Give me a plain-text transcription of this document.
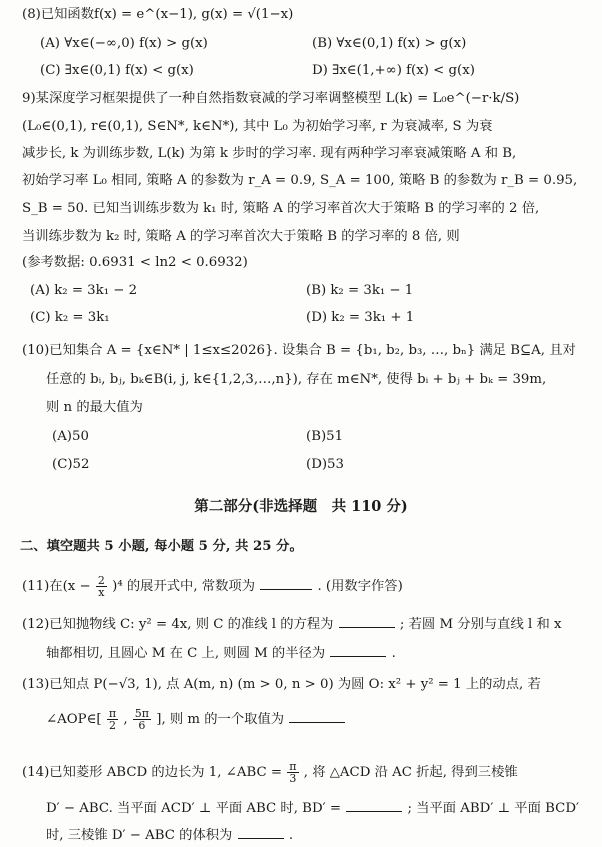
(8)已知函数f(x) = e^(x−1), g(x) = √(1−x)
(A) ∀x∈(−∞,0) f(x) > g(x)	(B) ∀x∈(0,1) f(x) > g(x)
(C) ∃x∈(0,1) f(x) < g(x)	D) ∃x∈(1,+∞) f(x) < g(x)
9)某深度学习框架提供了一种自然指数衰减的学习率调整模型 L(k) = L₀e^(−r·k/S)
(L₀∈(0,1), r∈(0,1), S∈N*, k∈N*), 其中 L₀ 为初始学习率, r 为衰减率, S 为衰
减步长, k 为训练步数, L(k) 为第 k 步时的学习率. 现有两种学习率衰减策略 A 和 B,
初始学习率 L₀ 相同, 策略 A 的参数为 r_A = 0.9, S_A = 100, 策略 B 的参数为 r_B = 0.95,
S_B = 50. 已知当训练步数为 k₁ 时, 策略 A 的学习率首次大于策略 B 的学习率的 2 倍,
当训练步数为 k₂ 时, 策略 A 的学习率首次大于策略 B 的学习率的 8 倍, 则
(参考数据: 0.6931 < ln2 < 0.6932)
(A) k₂ = 3k₁ − 2	(B) k₂ = 3k₁ − 1
(C) k₂ = 3k₁	(D) k₂ = 3k₁ + 1
(10)已知集合 A = {x∈N* | 1≤x≤2026}. 设集合 B = {b₁, b₂, b₃, …, bₙ} 满足 B⊆A, 且对
任意的 bᵢ, bⱼ, bₖ∈B(i, j, k∈{1,2,3,…,n}), 存在 m∈N*, 使得 bᵢ + bⱼ + bₖ = 39m,
则 n 的最大值为
(A)50	(B)51
(C)52	(D)53
第二部分(非选择题　共 110 分)
二、填空题共 5 小题, 每小题 5 分, 共 25 分。
(11)在$(x - \frac{2}{x} )^4$ 的展开式中, 常数项为	. (用数字作答)
(12)已知抛物线 C: y² = 4x, 则 C 的准线 l 的方程为	; 若圆 M 分别与直线 l 和 x
轴都相切, 且圆心 M 在 C 上, 则圆 M 的半径为	.
(13)已知点 P(−√3, 1), 点 A(m, n) (m > 0, n > 0) 为圆 O: x² + y² = 1 上的动点, 若
∠AOP∈[ $\frac{\pi}{2}$ , $\frac{5\pi}{6}$ ], 则 m 的一个取值为
(14)已知菱形 ABCD 的边长为 1, ∠ABC = $\frac{\pi}{3}$ , 将 △ACD 沿 AC 折起, 得到三棱锥
D′ − ABC. 当平面 ACD′ ⊥ 平面 ABC 时, BD′ =	; 当平面 ABD′ ⊥ 平面 BCD′
时, 三棱锥 D′ − ABC 的体积为	.
